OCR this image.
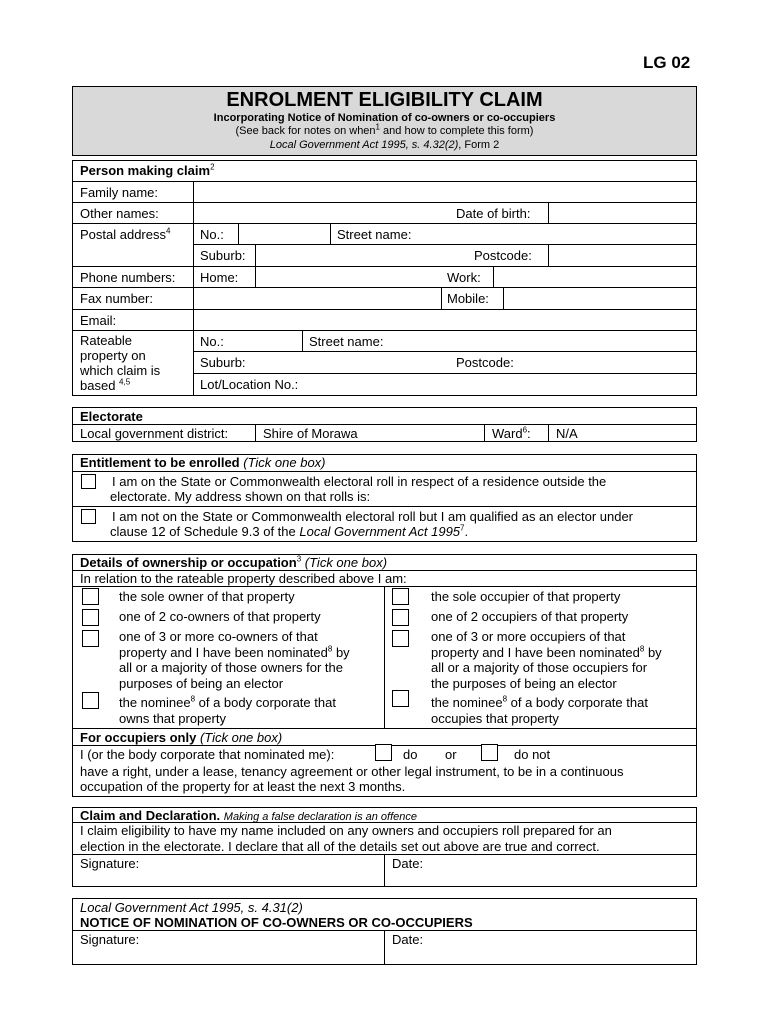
LG 02
ENROLMENT ELIGIBILITY CLAIM
Incorporating Notice of Nomination of co-owners or co-occupiers
(See back for notes on when$^1$ and how to complete this form)
Local Government Act 1995, s. 4.32(2), Form 2
Person making claim$^2$
Family name:
Other names:	Date of birth:
Postal address$^4$ No.:	Street name:
Suburb:	Postcode:
Phone numbers: Home:	Work:
Fax number:	Mobile:
Email:
Rateable
property on
which claim is
based $^{4,5}$
No.:	Street name:
Suburb:	Postcode:
Lot/Location No.:
Electorate
Local government district:	Shire of Morawa	Ward$^6$: N/A
Entitlement to be enrolled (Tick one box)
I am on the State or Commonwealth electoral roll in respect of a residence outside the
electorate. My address shown on that rolls is:
I am not on the State or Commonwealth electoral roll but I am qualified as an elector under
clause 12 of Schedule 9.3 of the Local Government Act 1995$^7$.
Details of ownership or occupation$^3$ (Tick one box)
In relation to the rateable property described above I am:
the sole owner of that property
one of 2 co-owners of that property
one of 3 or more co-owners of that
property and I have been nominated$^8$ by
all or a majority of those owners for the
purposes of being an elector
the nominee$^8$ of a body corporate that
owns that property
the sole occupier of that property
one of 2 occupiers of that property
one of 3 or more occupiers of that
property and I have been nominated$^8$ by
all or a majority of those occupiers for
the purposes of being an elector
the nominee$^8$ of a body corporate that
occupies that property
For occupiers only (Tick one box)
I (or the body corporate that nominated me):	do or	do not
have a right, under a lease, tenancy agreement or other legal instrument, to be in a continuous
occupation of the property for at least the next 3 months.
Claim and Declaration. Making a false declaration is an offence
I claim eligibility to have my name included on any owners and occupiers roll prepared for an
election in the electorate. I declare that all of the details set out above are true and correct.
Signature:	Date:
Local Government Act 1995, s. 4.31(2)
NOTICE OF NOMINATION OF CO-OWNERS OR CO-OCCUPIERS
Signature:	Date:
